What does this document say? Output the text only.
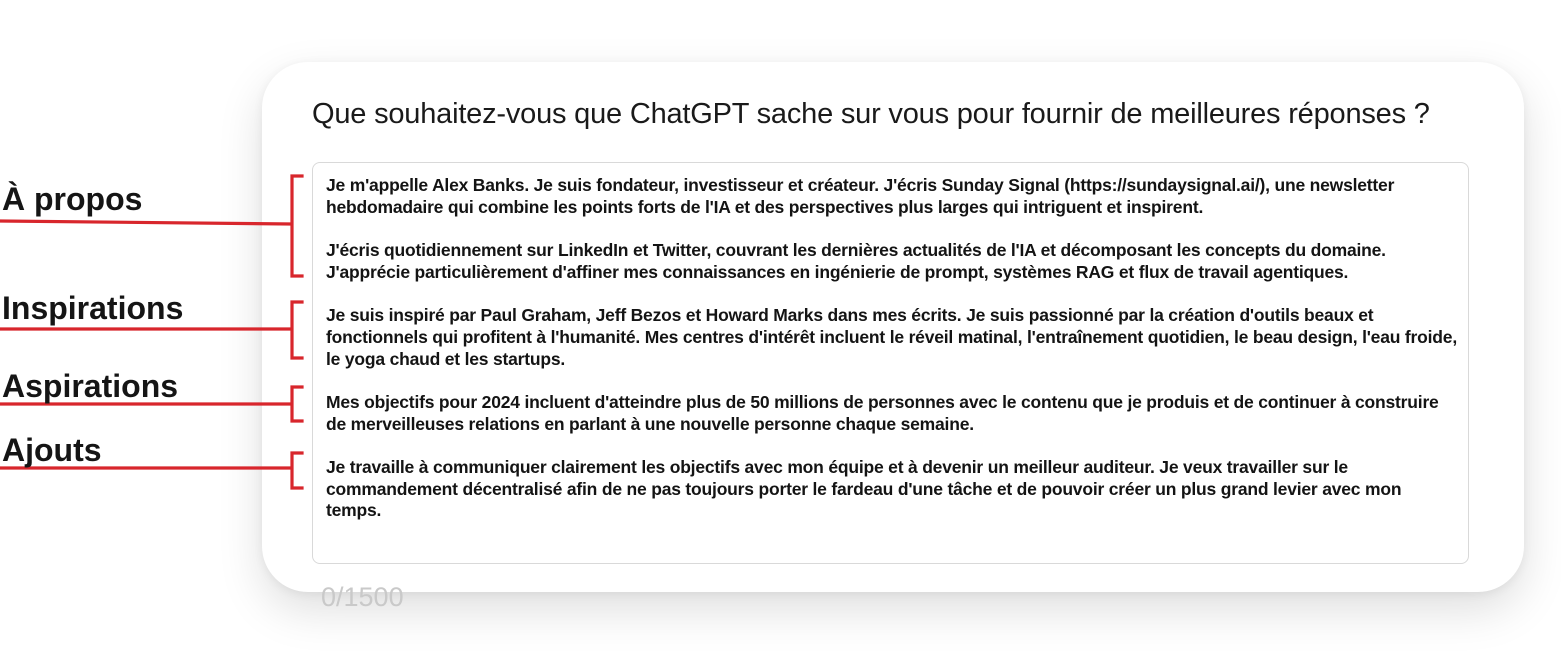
Que souhaitez-vous que ChatGPT sache sur vous pour fournir de meilleures réponses ?

Je m'appelle Alex Banks. Je suis fondateur, investisseur et créateur. J'écris Sunday Signal (https://sundaysignal.ai/), une newsletter hebdomadaire qui combine les points forts de l'IA et des perspectives plus larges qui intriguent et inspirent.

J'écris quotidiennement sur LinkedIn et Twitter, couvrant les dernières actualités de l'IA et décomposant les concepts du domaine. J'apprécie particulièrement d'affiner mes connaissances en ingénierie de prompt, systèmes RAG et flux de travail agentiques.

Je suis inspiré par Paul Graham, Jeff Bezos et Howard Marks dans mes écrits. Je suis passionné par la création d'outils beaux et fonctionnels qui profitent à l'humanité. Mes centres d'intérêt incluent le réveil matinal, l'entraînement quotidien, le beau design, l'eau froide, le yoga chaud et les startups.

Mes objectifs pour 2024 incluent d'atteindre plus de 50 millions de personnes avec le contenu que je produis et de continuer à construire de merveilleuses relations en parlant à une nouvelle personne chaque semaine.

Je travaille à communiquer clairement les objectifs avec mon équipe et à devenir un meilleur auditeur. Je veux travailler sur le commandement décentralisé afin de ne pas toujours porter le fardeau d'une tâche et de pouvoir créer un plus grand levier avec mon temps.

0/1500
À propos
Inspirations
Aspirations
Ajouts
